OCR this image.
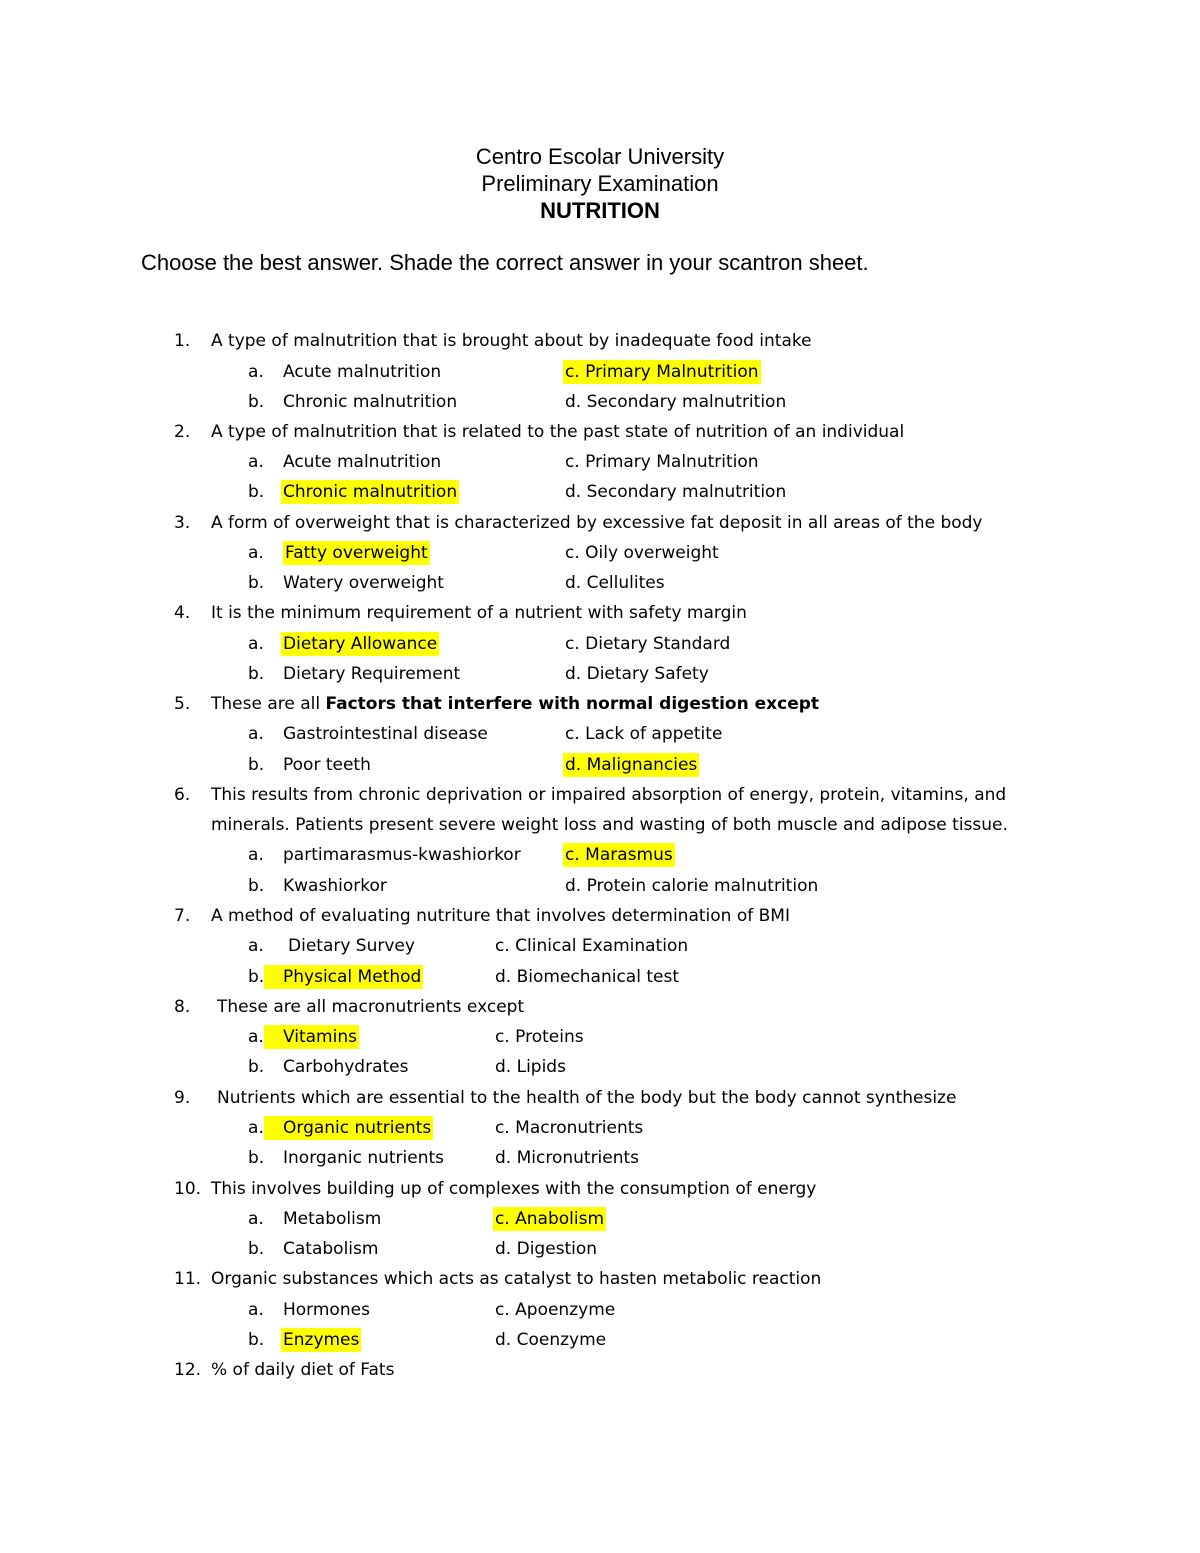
Centro Escolar University
Preliminary Examination
NUTRITION
Choose the best answer. Shade the correct answer in your scantron sheet.
1.	A type of malnutrition that is brought about by inadequate food intake
a. Acute malnutrition	c. Primary Malnutrition
b. Chronic malnutrition	d. Secondary malnutrition
2.	A type of malnutrition that is related to the past state of nutrition of an individual
a. Acute malnutrition	c. Primary Malnutrition
b. Chronic malnutrition	d. Secondary malnutrition
3.	A form of overweight that is characterized by excessive fat deposit in all areas of the body
a. Fatty overweight	c. Oily overweight
b. Watery overweight	d. Cellulites
4.	It is the minimum requirement of a nutrient with safety margin
a. Dietary Allowance	c. Dietary Standard
b. Dietary Requirement	d. Dietary Safety
5.	These are all Factors that interfere with normal digestion except
a. Gastrointestinal disease	c. Lack of appetite
b. Poor teeth	d. Malignancies
6.	This results from chronic deprivation or impaired absorption of energy, protein, vitamins, and
minerals. Patients present severe weight loss and wasting of both muscle and adipose tissue.
a. partimarasmus-kwashiorkor	c. Marasmus
b. Kwashiorkor	d. Protein calorie malnutrition
7.	A method of evaluating nutriture that involves determination of BMI
a. Dietary Survey	c. Clinical Examination
b.	Physical Method	d. Biomechanical test
8.	These are all macronutrients except
a.	Vitamins	c. Proteins
b. Carbohydrates	d. Lipids
9.	Nutrients which are essential to the health of the body but the body cannot synthesize
a.	Organic nutrients	c. Macronutrients
b. Inorganic nutrients	d. Micronutrients
10. This involves building up of complexes with the consumption of energy
a. Metabolism	c. Anabolism
b. Catabolism	d. Digestion
11. Organic substances which acts as catalyst to hasten metabolic reaction
a. Hormones	c. Apoenzyme
b. Enzymes	d. Coenzyme
12. % of daily diet of Fats
